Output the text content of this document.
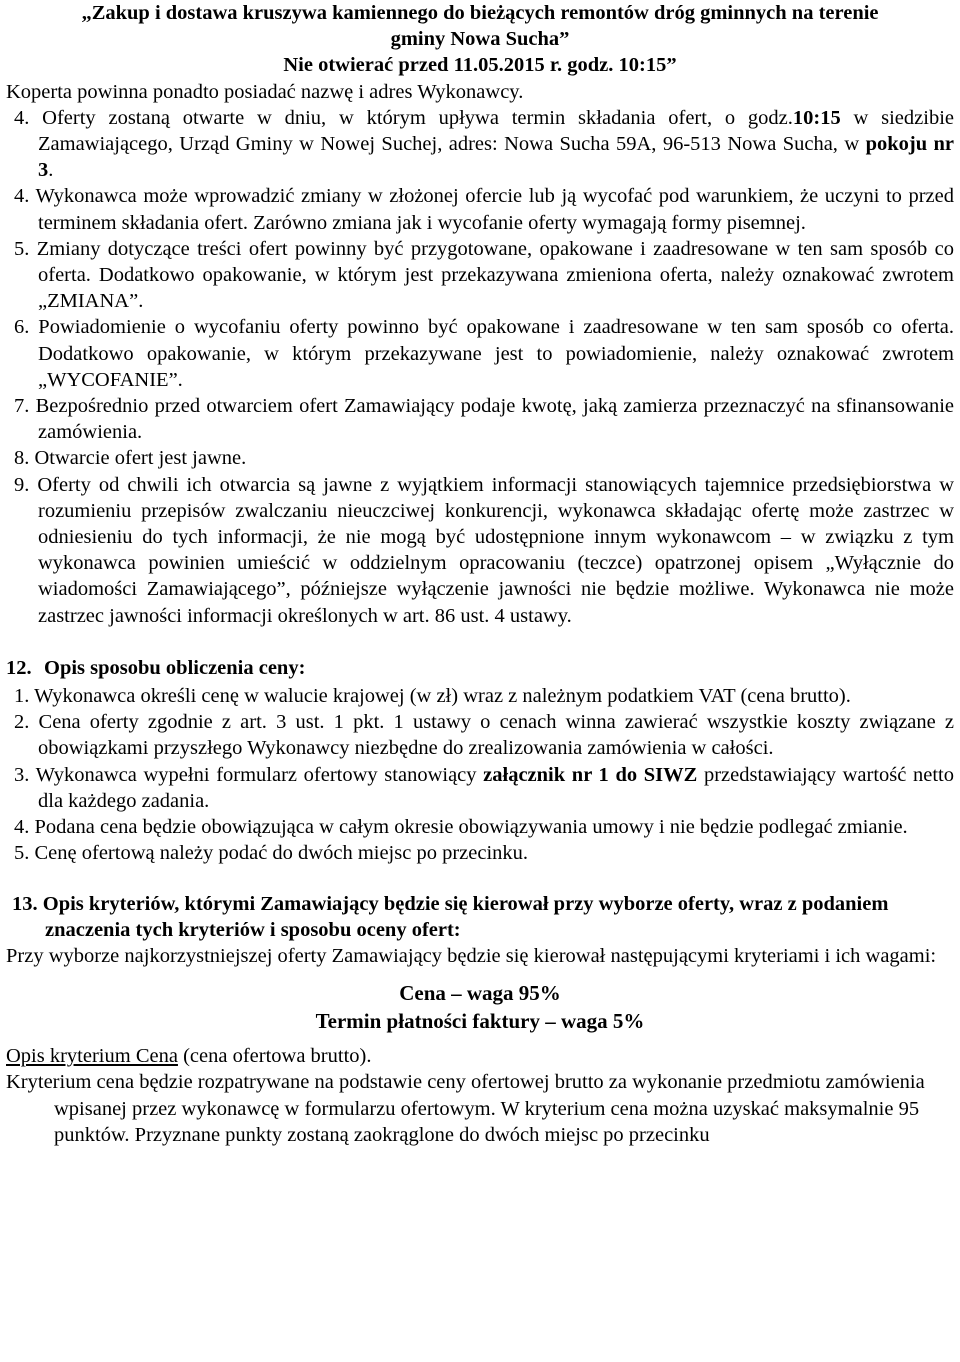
„Zakup i dostawa kruszywa kamiennego do bieżących remontów dróg gminnych na terenie

gminy Nowa Sucha”

Nie otwierać przed 11.05.2015 r. godz. 10:15”

Koperta powinna ponadto posiadać nazwę i adres Wykonawcy.

4. Oferty zostaną otwarte w dniu, w którym upływa termin składania ofert, o godz.10:15 w siedzibie Zamawiającego, Urząd Gminy w Nowej Suchej, adres: Nowa Sucha 59A, 96-513 Nowa Sucha, w pokoju nr 3.

4. Wykonawca może wprowadzić zmiany w złożonej ofercie lub ją wycofać pod warunkiem, że uczyni to przed terminem składania ofert. Zarówno zmiana jak i wycofanie oferty wymagają formy pisemnej.

5. Zmiany dotyczące treści ofert powinny być przygotowane, opakowane i zaadresowane w ten sam sposób co oferta. Dodatkowo opakowanie, w którym jest przekazywana zmieniona oferta, należy oznakować zwrotem „ZMIANA”.

6. Powiadomienie o wycofaniu oferty powinno być opakowane i zaadresowane w ten sam sposób co oferta. Dodatkowo opakowanie, w którym przekazywane jest to powiadomienie, należy oznakować zwrotem „WYCOFANIE”.

7. Bezpośrednio przed otwarciem ofert Zamawiający podaje kwotę, jaką zamierza przeznaczyć na sfinansowanie zamówienia.

8. Otwarcie ofert jest jawne.

9. Oferty od chwili ich otwarcia są jawne z wyjątkiem informacji stanowiących tajemnice przedsiębiorstwa w rozumieniu przepisów zwalczaniu nieuczciwej konkurencji, wykonawca składając ofertę może zastrzec w odniesieniu do tych informacji, że nie mogą być udostępnione innym wykonawcom – w związku z tym wykonawca powinien umieścić w oddzielnym opracowaniu (teczce) opatrzonej opisem „Wyłącznie do wiadomości Zamawiającego”, późniejsze wyłączenie jawności nie będzie możliwe. Wykonawca nie może zastrzec jawności informacji określonych w art. 86 ust. 4 ustawy.

12. Opis sposobu obliczenia ceny:

1. Wykonawca określi cenę w walucie krajowej (w zł) wraz z należnym podatkiem VAT (cena brutto).

2. Cena oferty zgodnie z art. 3 ust. 1 pkt. 1 ustawy o cenach winna zawierać wszystkie koszty związane z obowiązkami przyszłego Wykonawcy niezbędne do zrealizowania zamówienia w całości.

3. Wykonawca wypełni formularz ofertowy stanowiący załącznik nr 1 do SIWZ przedstawiający wartość netto dla każdego zadania.

4. Podana cena będzie obowiązująca w całym okresie obowiązywania umowy i nie będzie podlegać zmianie.

5. Cenę ofertową należy podać do dwóch miejsc po przecinku.

13. Opis kryteriów, którymi Zamawiający będzie się kierował przy wyborze oferty, wraz z podaniem znaczenia tych kryteriów i sposobu oceny ofert:

Przy wyborze najkorzystniejszej oferty Zamawiający będzie się kierował następującymi kryteriami i ich wagami:

Cena – waga 95%
Termin płatności faktury – waga 5%

Opis kryterium Cena (cena ofertowa brutto).

Kryterium cena będzie rozpatrywane na podstawie ceny ofertowej brutto za wykonanie przedmiotu zamówienia wpisanej przez wykonawcę w formularzu ofertowym. W kryterium cena można uzyskać maksymalnie 95 punktów. Przyznane punkty zostaną zaokrąglone do dwóch miejsc po przecinku
